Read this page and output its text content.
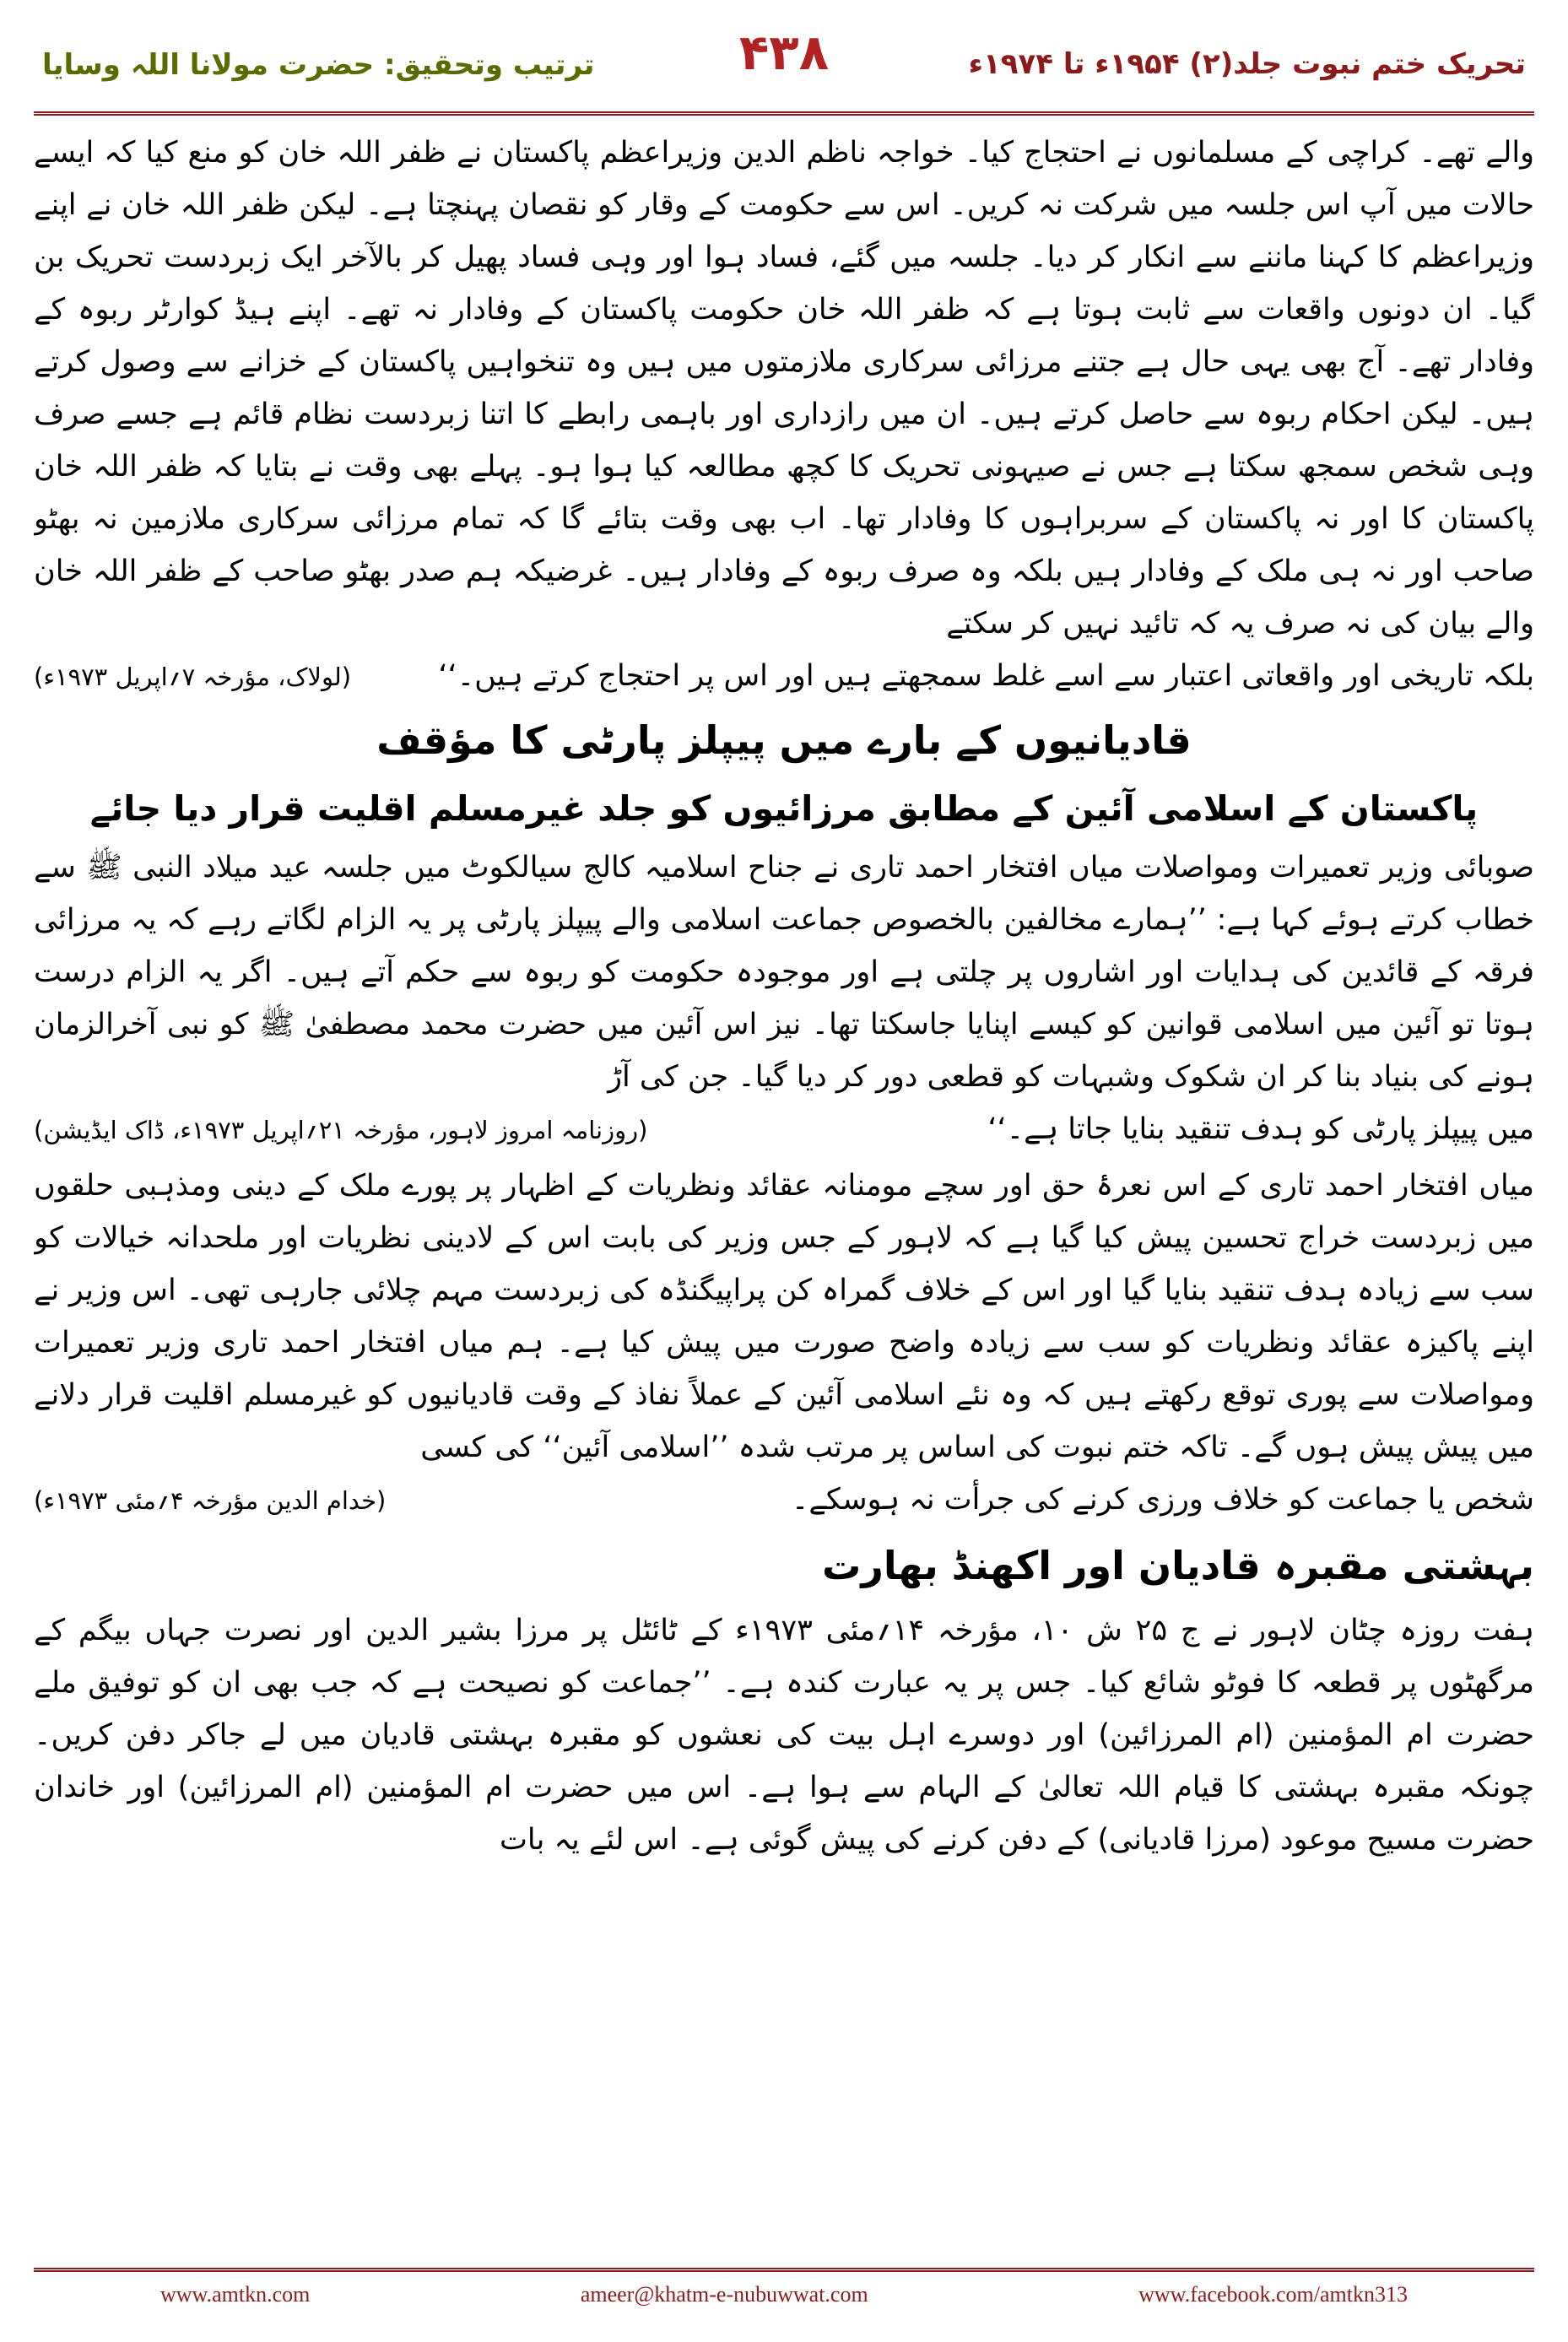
تحریک ختم نبوت جلد(۲) ۱۹۵۴ء تا ۱۹۷۴ء
۴۳۸
ترتیب وتحقیق: حضرت مولانا اللہ وسایا

والے تھے۔ کراچی کے مسلمانوں نے احتجاج کیا۔ خواجہ ناظم الدین وزیراعظم پاکستان نے ظفر اللہ خان کو منع کیا کہ ایسے حالات میں آپ اس جلسہ میں شرکت نہ کریں۔ اس سے حکومت کے وقار کو نقصان پہنچتا ہے۔ لیکن ظفر اللہ خان نے اپنے وزیراعظم کا کہنا ماننے سے انکار کر دیا۔ جلسہ میں گئے، فساد ہوا اور وہی فساد پھیل کر بالآخر ایک زبردست تحریک بن گیا۔ ان دونوں واقعات سے ثابت ہوتا ہے کہ ظفر اللہ خان حکومت پاکستان کے وفادار نہ تھے۔ اپنے ہیڈ کوارٹر ربوہ کے وفادار تھے۔ آج بھی یہی حال ہے جتنے مرزائی سرکاری ملازمتوں میں ہیں وہ تنخواہیں پاکستان کے خزانے سے وصول کرتے ہیں۔ لیکن احکام ربوہ سے حاصل کرتے ہیں۔ ان میں رازداری اور باہمی رابطے کا اتنا زبردست نظام قائم ہے جسے صرف وہی شخص سمجھ سکتا ہے جس نے صیہونی تحریک کا کچھ مطالعہ کیا ہوا ہو۔ پہلے بھی وقت نے بتایا کہ ظفر اللہ خان پاکستان کا اور نہ پاکستان کے سربراہوں کا وفادار تھا۔ اب بھی وقت بتائے گا کہ تمام مرزائی سرکاری ملازمین نہ بھٹو صاحب اور نہ ہی ملک کے وفادار ہیں بلکہ وہ صرف ربوہ کے وفادار ہیں۔ غرضیکہ ہم صدر بھٹو صاحب کے ظفر اللہ خان والے بیان کی نہ صرف یہ کہ تائید نہیں کر سکتے

بلکہ تاریخی اور واقعاتی اعتبار سے اسے غلط سمجھتے ہیں اور اس پر احتجاج کرتے ہیں۔‘‘
(لولاک، مؤرخہ ۷؍اپریل ۱۹۷۳ء)
قادیانیوں کے بارے میں پیپلز پارٹی کا مؤقف
پاکستان کے اسلامی آئین کے مطابق مرزائیوں کو جلد غیرمسلم اقلیت قرار دیا جائے

صوبائی وزیر تعمیرات ومواصلات میاں افتخار احمد تاری نے جناح اسلامیہ کالج سیالکوٹ میں جلسہ عید میلاد النبی ﷺ سے خطاب کرتے ہوئے کہا ہے: ’’ہمارے مخالفین بالخصوص جماعت اسلامی والے پیپلز پارٹی پر یہ الزام لگاتے رہے کہ یہ مرزائی فرقہ کے قائدین کی ہدایات اور اشاروں پر چلتی ہے اور موجودہ حکومت کو ربوہ سے حکم آتے ہیں۔ اگر یہ الزام درست ہوتا تو آئین میں اسلامی قوانین کو کیسے اپنایا جاسکتا تھا۔ نیز اس آئین میں حضرت محمد مصطفیٰ ﷺ کو نبی آخرالزمان ہونے کی بنیاد بنا کر ان شکوک وشبہات کو قطعی دور کر دیا گیا۔ جن کی آڑ

میں پیپلز پارٹی کو ہدف تنقید بنایا جاتا ہے۔‘‘
(روزنامہ امروز لاہور، مؤرخہ ۲۱؍اپریل ۱۹۷۳ء، ڈاک ایڈیشن)

میاں افتخار احمد تاری کے اس نعرۂ حق اور سچے مومنانہ عقائد ونظریات کے اظہار پر پورے ملک کے دینی ومذہبی حلقوں میں زبردست خراج تحسین پیش کیا گیا ہے کہ لاہور کے جس وزیر کی بابت اس کے لادینی نظریات اور ملحدانہ خیالات کو سب سے زیادہ ہدف تنقید بنایا گیا اور اس کے خلاف گمراہ کن پراپیگنڈہ کی زبردست مہم چلائی جارہی تھی۔ اس وزیر نے اپنے پاکیزہ عقائد ونظریات کو سب سے زیادہ واضح صورت میں پیش کیا ہے۔ ہم میاں افتخار احمد تاری وزیر تعمیرات ومواصلات سے پوری توقع رکھتے ہیں کہ وہ نئے اسلامی آئین کے عملاً نفاذ کے وقت قادیانیوں کو غیرمسلم اقلیت قرار دلانے میں پیش پیش ہوں گے۔ تاکہ ختم نبوت کی اساس پر مرتب شدہ ’’اسلامی آئین‘‘ کی کسی

شخص یا جماعت کو خلاف ورزی کرنے کی جرأت نہ ہوسکے۔
(خدام الدین مؤرخہ ۴؍مئی ۱۹۷۳ء)
بہشتی مقبرہ قادیان اور اکھنڈ بھارت

ہفت روزہ چٹان لاہور نے ج ۲۵ ش ۱۰، مؤرخہ ۱۴؍مئی ۱۹۷۳ء کے ٹائٹل پر مرزا بشیر الدین اور نصرت جہاں بیگم کے مرگھٹوں پر قطعہ کا فوٹو شائع کیا۔ جس پر یہ عبارت کندہ ہے۔ ’’جماعت کو نصیحت ہے کہ جب بھی ان کو توفیق ملے حضرت ام المؤمنین (ام المرزائین) اور دوسرے اہل بیت کی نعشوں کو مقبرہ بہشتی قادیان میں لے جاکر دفن کریں۔ چونکہ مقبرہ بہشتی کا قیام اللہ تعالیٰ کے الہام سے ہوا ہے۔ اس میں حضرت ام المؤمنین (ام المرزائین) اور خاندان حضرت مسیح موعود (مرزا قادیانی) کے دفن کرنے کی پیش گوئی ہے۔ اس لئے یہ بات

www.amtkn.com	ameer@khatm-e-nubuwwat.com	www.facebook.com/amtkn313
